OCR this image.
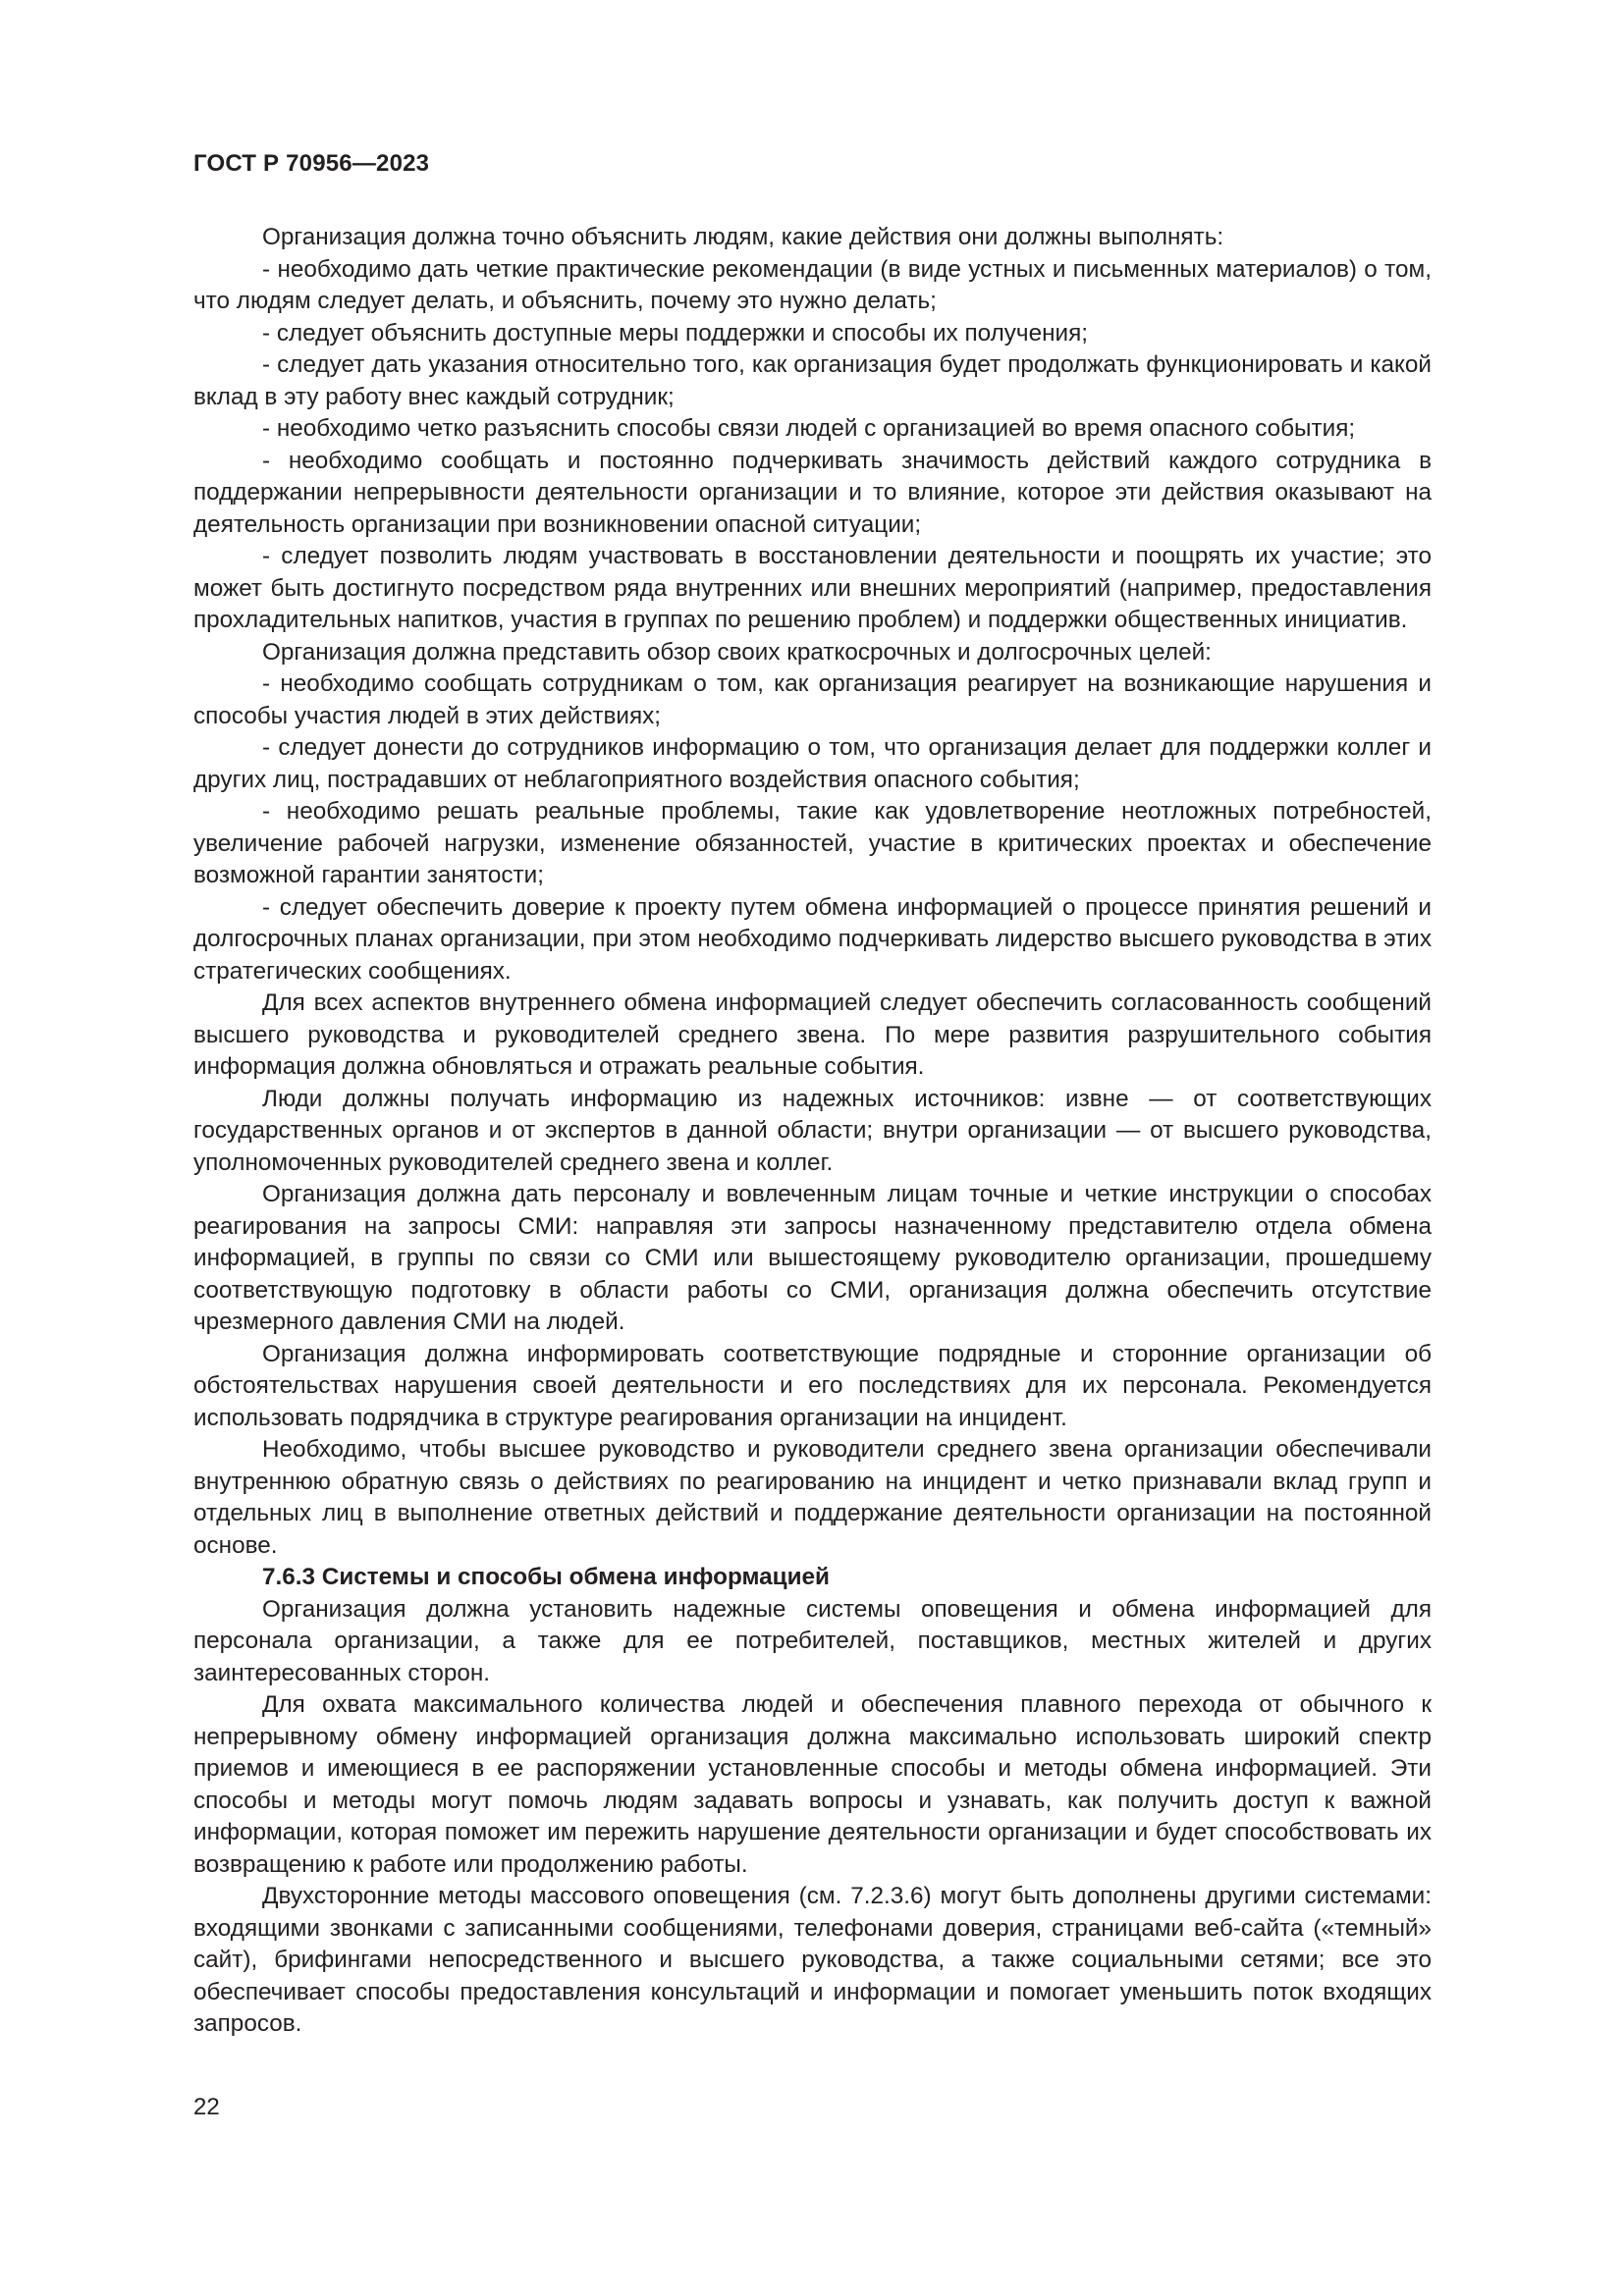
ГОСТ Р 70956—2023

Организация должна точно объяснить людям, какие действия они должны выполнять:

- необходимо дать четкие практические рекомендации (в виде устных и письменных материалов) о том, что людям следует делать, и объяснить, почему это нужно делать;

- следует объяснить доступные меры поддержки и способы их получения;

- следует дать указания относительно того, как организация будет продолжать функционировать и какой вклад в эту работу внес каждый сотрудник;

- необходимо четко разъяснить способы связи людей с организацией во время опасного события;

- необходимо сообщать и постоянно подчеркивать значимость действий каждого сотрудника в поддержании непрерывности деятельности организации и то влияние, которое эти действия оказывают на деятельность организации при возникновении опасной ситуации;

- следует позволить людям участвовать в восстановлении деятельности и поощрять их участие; это может быть достигнуто посредством ряда внутренних или внешних мероприятий (например, предоставления прохладительных напитков, участия в группах по решению проблем) и поддержки общественных инициатив.

Организация должна представить обзор своих краткосрочных и долгосрочных целей:

- необходимо сообщать сотрудникам о том, как организация реагирует на возникающие нарушения и способы участия людей в этих действиях;

- следует донести до сотрудников информацию о том, что организация делает для поддержки коллег и других лиц, пострадавших от неблагоприятного воздействия опасного события;

- необходимо решать реальные проблемы, такие как удовлетворение неотложных потребностей, увеличение рабочей нагрузки, изменение обязанностей, участие в критических проектах и обеспечение возможной гарантии занятости;

- следует обеспечить доверие к проекту путем обмена информацией о процессе принятия решений и долгосрочных планах организации, при этом необходимо подчеркивать лидерство высшего руководства в этих стратегических сообщениях.

Для всех аспектов внутреннего обмена информацией следует обеспечить согласованность сообщений высшего руководства и руководителей среднего звена. По мере развития разрушительного события информация должна обновляться и отражать реальные события.

Люди должны получать информацию из надежных источников: извне — от соответствующих государственных органов и от экспертов в данной области; внутри организации — от высшего руководства, уполномоченных руководителей среднего звена и коллег.

Организация должна дать персоналу и вовлеченным лицам точные и четкие инструкции о способах реагирования на запросы СМИ: направляя эти запросы назначенному представителю отдела обмена информацией, в группы по связи со СМИ или вышестоящему руководителю организации, прошедшему соответствующую подготовку в области работы со СМИ, организация должна обеспечить отсутствие чрезмерного давления СМИ на людей.

Организация должна информировать соответствующие подрядные и сторонние организации об обстоятельствах нарушения своей деятельности и его последствиях для их персонала. Рекомендуется использовать подрядчика в структуре реагирования организации на инцидент.

Необходимо, чтобы высшее руководство и руководители среднего звена организации обеспечивали внутреннюю обратную связь о действиях по реагированию на инцидент и четко признавали вклад групп и отдельных лиц в выполнение ответных действий и поддержание деятельности организации на постоянной основе.

7.6.3 Системы и способы обмена информацией

Организация должна установить надежные системы оповещения и обмена информацией для персонала организации, а также для ее потребителей, поставщиков, местных жителей и других заинтересованных сторон.

Для охвата максимального количества людей и обеспечения плавного перехода от обычного к непрерывному обмену информацией организация должна максимально использовать широкий спектр приемов и имеющиеся в ее распоряжении установленные способы и методы обмена информацией. Эти способы и методы могут помочь людям задавать вопросы и узнавать, как получить доступ к важной информации, которая поможет им пережить нарушение деятельности организации и будет способствовать их возвращению к работе или продолжению работы.

Двухсторонние методы массового оповещения (см. 7.2.3.6) могут быть дополнены другими системами: входящими звонками с записанными сообщениями, телефонами доверия, страницами веб-сайта («темный» сайт), брифингами непосредственного и высшего руководства, а также социальными сетями; все это обеспечивает способы предоставления консультаций и информации и помогает уменьшить поток входящих запросов.

22
